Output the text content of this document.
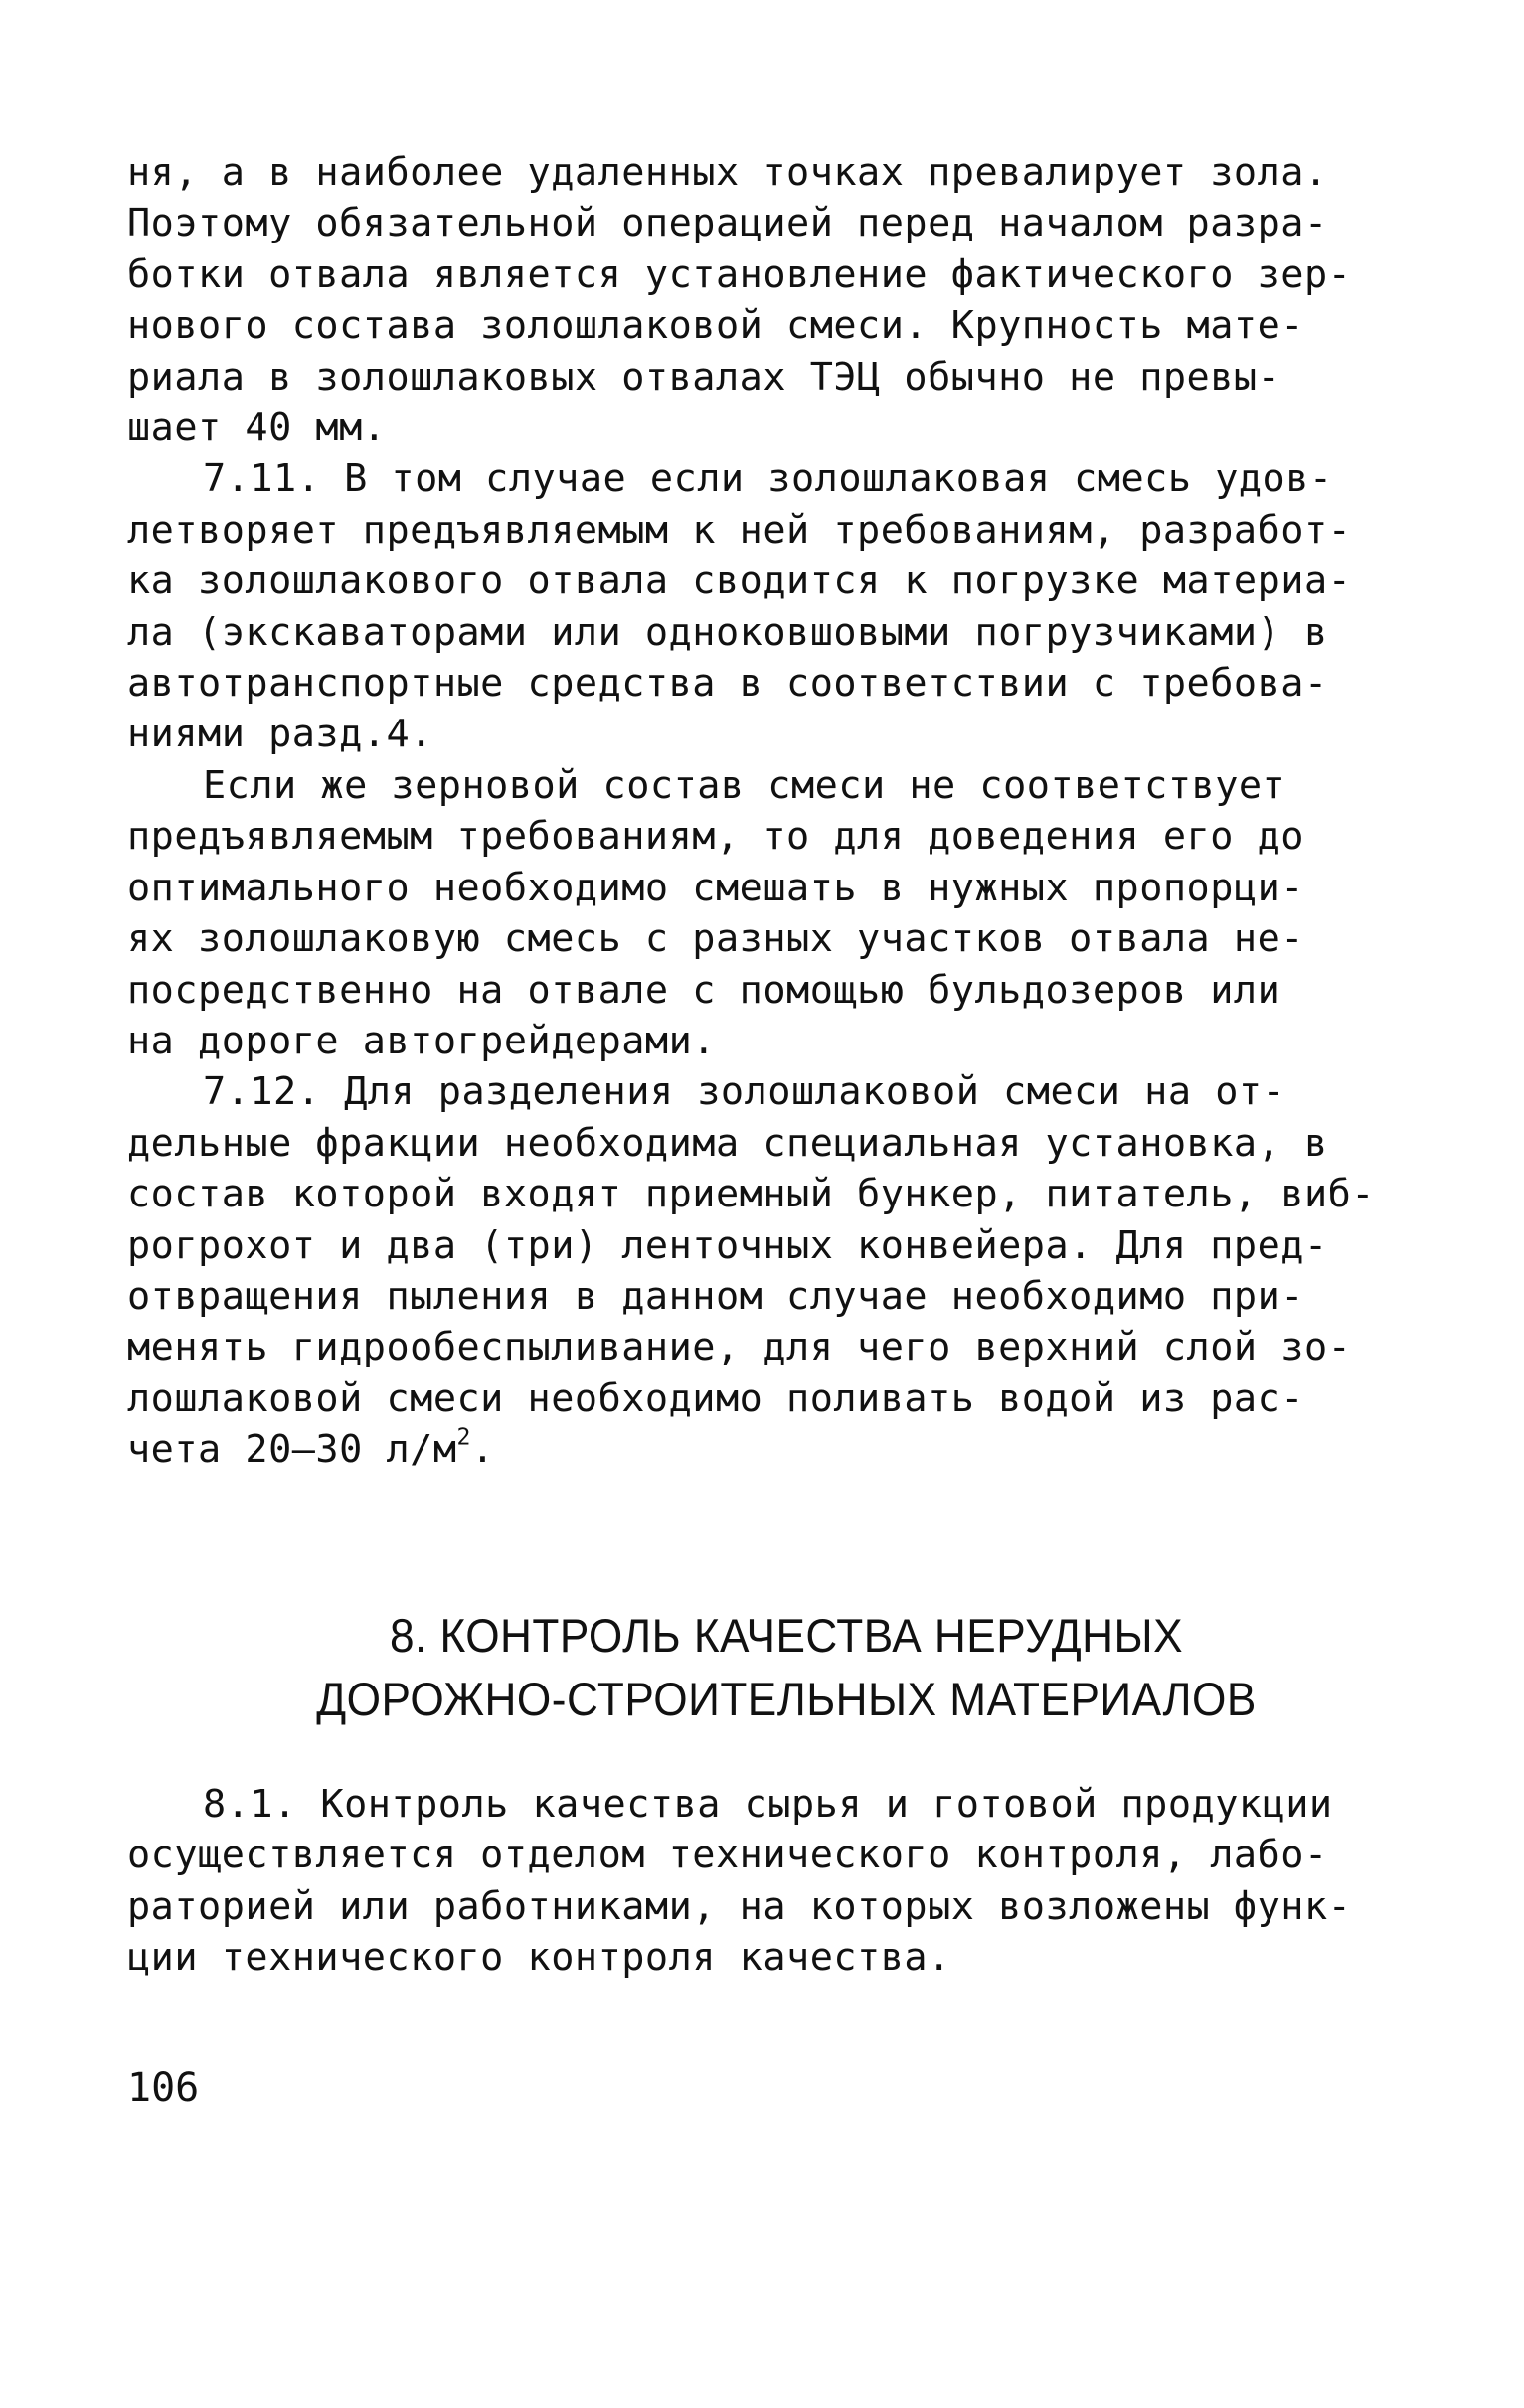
ня, а в наиболее удаленных точках превалирует зола.
Поэтому обязательной операцией перед началом разра-
ботки отвала является установление фактического зер-
нового состава золошлаковой смеси. Крупность мате-
риала в золошлаковых отвалах ТЭЦ обычно не превы-
шает 40 мм.

7.11. В том случае если золошлаковая смесь удов-
летворяет предъявляемым к ней требованиям, разработ-
ка золошлакового отвала сводится к погрузке материа-
ла (экскаваторами или одноковшовыми погрузчиками) в
автотранспортные средства в соответствии с требова-
ниями разд.4.

Если же зерновой состав смеси не соответствует
предъявляемым требованиям, то для доведения его до
оптимального необходимо смешать в нужных пропорци-
ях золошлаковую смесь с разных участков отвала не-
посредственно на отвале с помощью бульдозеров или
на дороге автогрейдерами.

7.12. Для разделения золошлаковой смеси на от-
дельные фракции необходима специальная установка, в
состав которой входят приемный бункер, питатель, виб-
рогрохот и два (три) ленточных конвейера. Для пред-
отвращения пыления в данном случае необходимо при-
менять гидрообеспыливание, для чего верхний слой зо-
лошлаковой смеси необходимо поливать водой из рас-
чета 20–30 $л/м^2$.

8. КОНТРОЛЬ КАЧЕСТВА НЕРУДНЫХ
ДОРОЖНО-СТРОИТЕЛЬНЫХ МАТЕРИАЛОВ

8.1. Контроль качества сырья и готовой продукции
осуществляется отделом технического контроля, лабо-
раторией или работниками, на которых возложены функ-
ции технического контроля качества.

106
